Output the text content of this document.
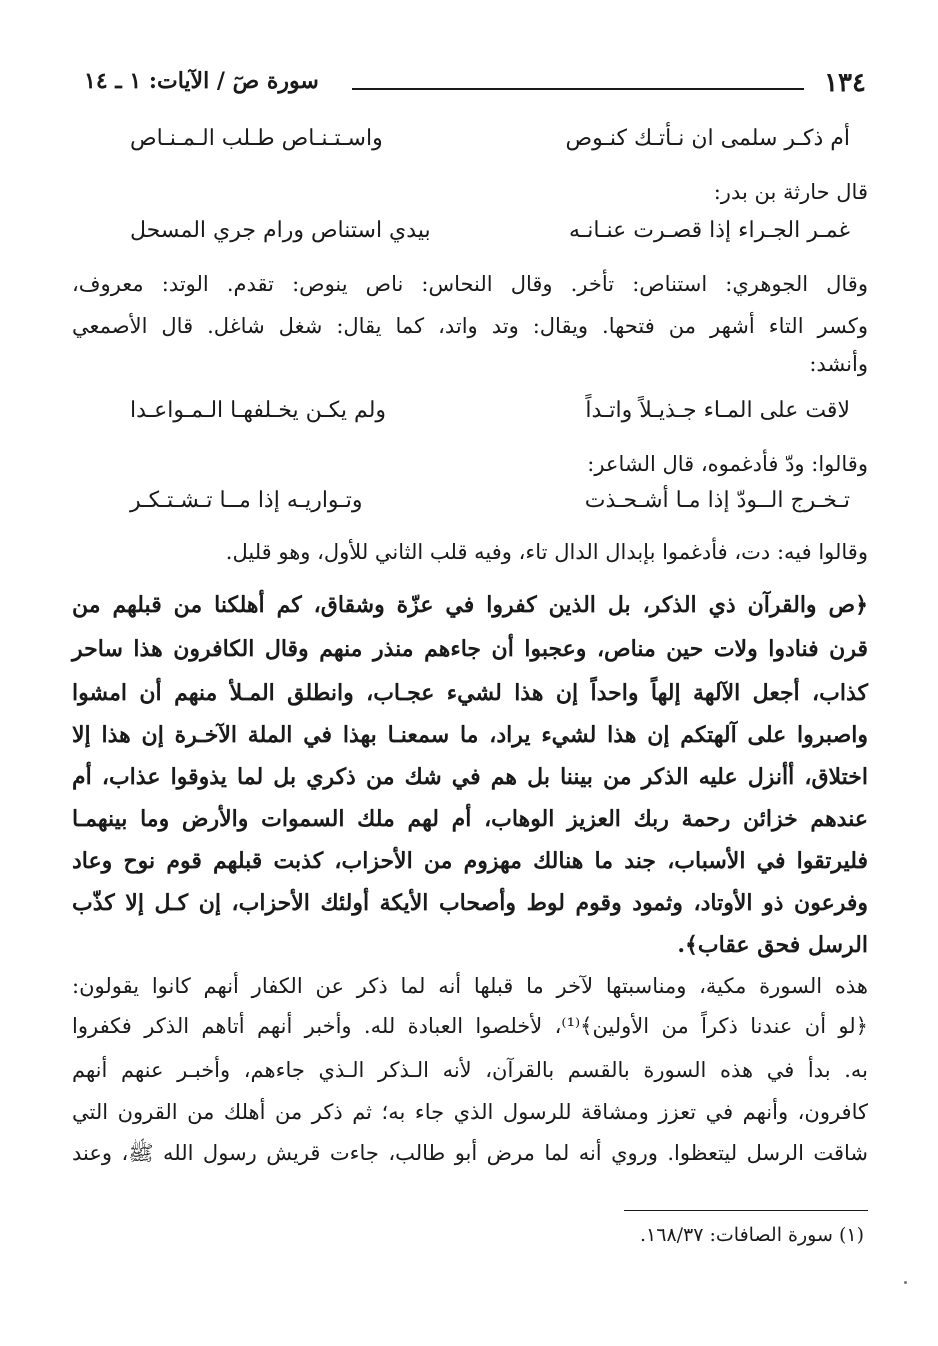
١٣٤
سورة صٓ / الآيات: ١ ـ ١٤
أم ذكـر سلمى ان نـأتـك كنـوص
واسـتـنـاص طـلب الـمـنـاص
قال حارثة بن بدر:
غمـر الجـراء إذا قصـرت عنـانـه
بيدي استناص ورام جري المسحل
وقال الجوهري: استناص: تأخر. وقال النحاس: ناص ينوص: تقدم. الوتد: معروف،
وكسر التاء أشهر من فتحها. ويقال: وتد واتد، كما يقال: شغل شاغل. قال الأصمعي
وأنشد:
لاقت على المـاء جـذيـلاً واتـداً
ولم يكـن يخـلفهـا الـمـواعـدا
وقالوا: ودّ فأدغموه، قال الشاعر:
تـخـرج الــودّ إذا مـا أشـحـذت
وتـواريـه إذا مــا تـشـتـكـر
وقالوا فيه: دت، فأدغموا بإبدال الدال تاء، وفيه قلب الثاني للأول، وهو قليل.
﴿ص والقرآن ذي الذكر، بل الذين كفروا في عزّة وشقاق، كم أهلكنا من قبلهم من
قرن فنادوا ولات حين مناص، وعجبوا أن جاءهم منذر منهم وقال الكافرون هذا ساحر
كذاب، أجعل الآلهة إلهاً واحداً إن هذا لشيء عجـاب، وانطلق المـلأ منهم أن امشوا
واصبروا على آلهتكم إن هذا لشيء يراد، ما سمعنـا بهذا في الملة الآخـرة إن هذا إلا
اختلاق، أأنزل عليه الذكر من بيننا بل هم في شك من ذكري بل لما يذوقوا عذاب، أم
عندهم خزائن رحمة ربك العزيز الوهاب، أم لهم ملك السموات والأرض وما بينهمـا
فليرتقوا في الأسباب، جند ما هنالك مهزوم من الأحزاب، كذبت قبلهم قوم نوح وعاد
وفرعون ذو الأوتاد، وثمود وقوم لوط وأصحاب الأيكة أولئك الأحزاب، إن كـل إلا كذّب
الرسل فحق عقاب﴾.
هذه السورة مكية، ومناسبتها لآخر ما قبلها أنه لما ذكر عن الكفار أنهم كانوا يقولون:
﴿لو أن عندنا ذكراً من الأولين﴾⁽¹⁾، لأخلصوا العبادة لله. وأخبر أنهم أتاهم الذكر فكفروا
به. بدأ في هذه السورة بالقسم بالقرآن، لأنه الـذكر الـذي جاءهم، وأخبـر عنهم أنهم
كافرون، وأنهم في تعزز ومشاقة للرسول الذي جاء به؛ ثم ذكر من أهلك من القرون التي
شاقت الرسل ليتعظوا. وروي أنه لما مرض أبو طالب، جاءت قريش رسول الله ﷺ، وعند
(١) سورة الصافات: ١٦٨/٣٧.
